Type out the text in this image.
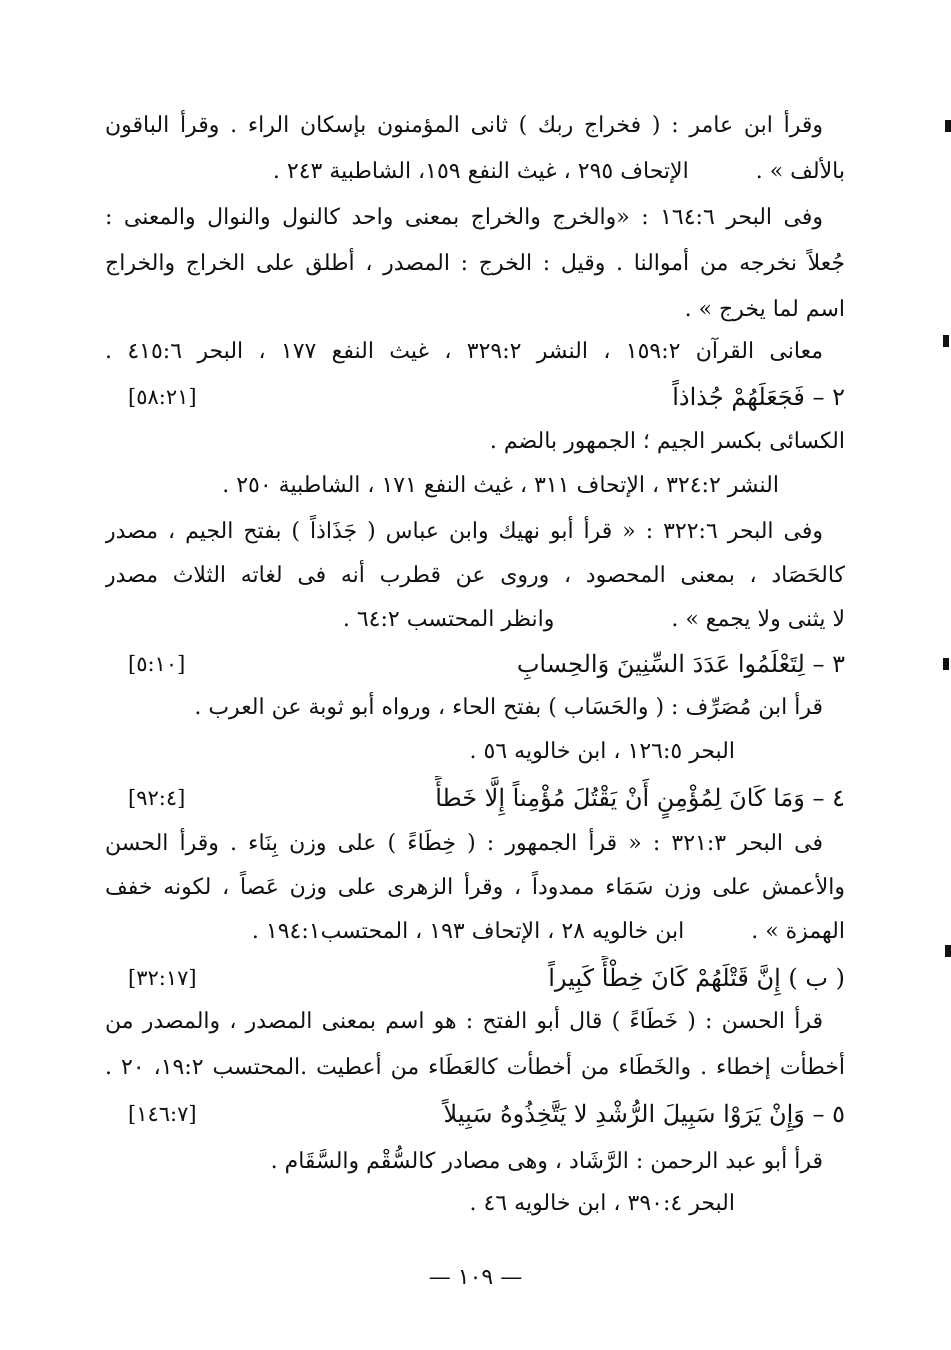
وقرأ ابن عامر : ( فخراج ربك ) ثانى المؤمنون بإسكان الراء . وقرأ الباقون
بالألف » . الإتحاف ٢٩٥ ، غيث النفع ١٥٩، الشاطبية ٢٤٣ .
وفى البحر ١٦٤:٦ : «والخرج والخراج بمعنى واحد كالنول والنوال والمعنى :
جُعلاً نخرجه من أموالنا . وقيل : الخرج : المصدر ، أطلق على الخراج والخراج
اسم لما يخرج » .
معانى القرآن ١٥٩:٢ ، النشر ٣٢٩:٢ ، غيث النفع ١٧٧ ، البحر ٤١٥:٦ .
٢ – فَجَعَلَهُمْ جُذاذاً
[٥٨:٢١]
الكسائى بكسر الجيم ؛ الجمهور بالضم .
النشر ٣٢٤:٢ ، الإتحاف ٣١١ ، غيث النفع ١٧١ ، الشاطبية ٢٥٠ .
وفى البحر ٣٢٢:٦ : « قرأ أبو نهيك وابن عباس ( جَذَاذاً ) بفتح الجيم ، مصدر
كالحَصَاد ، بمعنى المحصود ، وروى عن قطرب أنه فى لغاته الثلاث مصدر
لا يثنى ولا يجمع » . وانظر المحتسب ٦٤:٢ .
٣ – لِتَعْلَمُوا عَدَدَ السِّنِينَ وَالحِسابِ
[٥:١٠]
قرأ ابن مُصَرِّف : ( والحَسَاب ) بفتح الحاء ، ورواه أبو ثوبة عن العرب .
البحر ١٢٦:٥ ، ابن خالويه ٥٦ .
٤ – وَمَا كَانَ لِمُؤْمِنٍ أَنْ يَقْتُلَ مُؤْمِناً إِلَّا خَطأً
[٩٢:٤]
فى البحر ٣٢١:٣ : « قرأ الجمهور : ( خِطَاءً ) على وزن بِنَاء . وقرأ الحسن
والأعمش على وزن سَمَاء ممدوداً ، وقرأ الزهرى على وزن عَصاً ، لكونه خفف
الهمزة » . ابن خالويه ٢٨ ، الإتحاف ١٩٣ ، المحتسب١٩٤:١ .
( ب ) إِنَّ قَتْلَهُمْ كَانَ خِطْأً كَبِيراً
[٣٢:١٧]
قرأ الحسن : ( خَطَاءً ) قال أبو الفتح : هو اسم بمعنى المصدر ، والمصدر من
أخطأت إخطاء . والخَطَاء من أخطأت كالعَطَاء من أعطيت .المحتسب ١٩:٢، ٢٠ .
٥ – وَإِنْ يَرَوْا سَبِيلَ الرُّشْدِ لا يَتَّخِذُوهُ سَبِيلاً
[١٤٦:٧]
قرأ أبو عبد الرحمن : الرَّشَاد ، وهى مصادر كالسُّقْم والسَّقَام .
البحر ٣٩٠:٤ ، ابن خالويه ٤٦ .
— ١٠٩ —
